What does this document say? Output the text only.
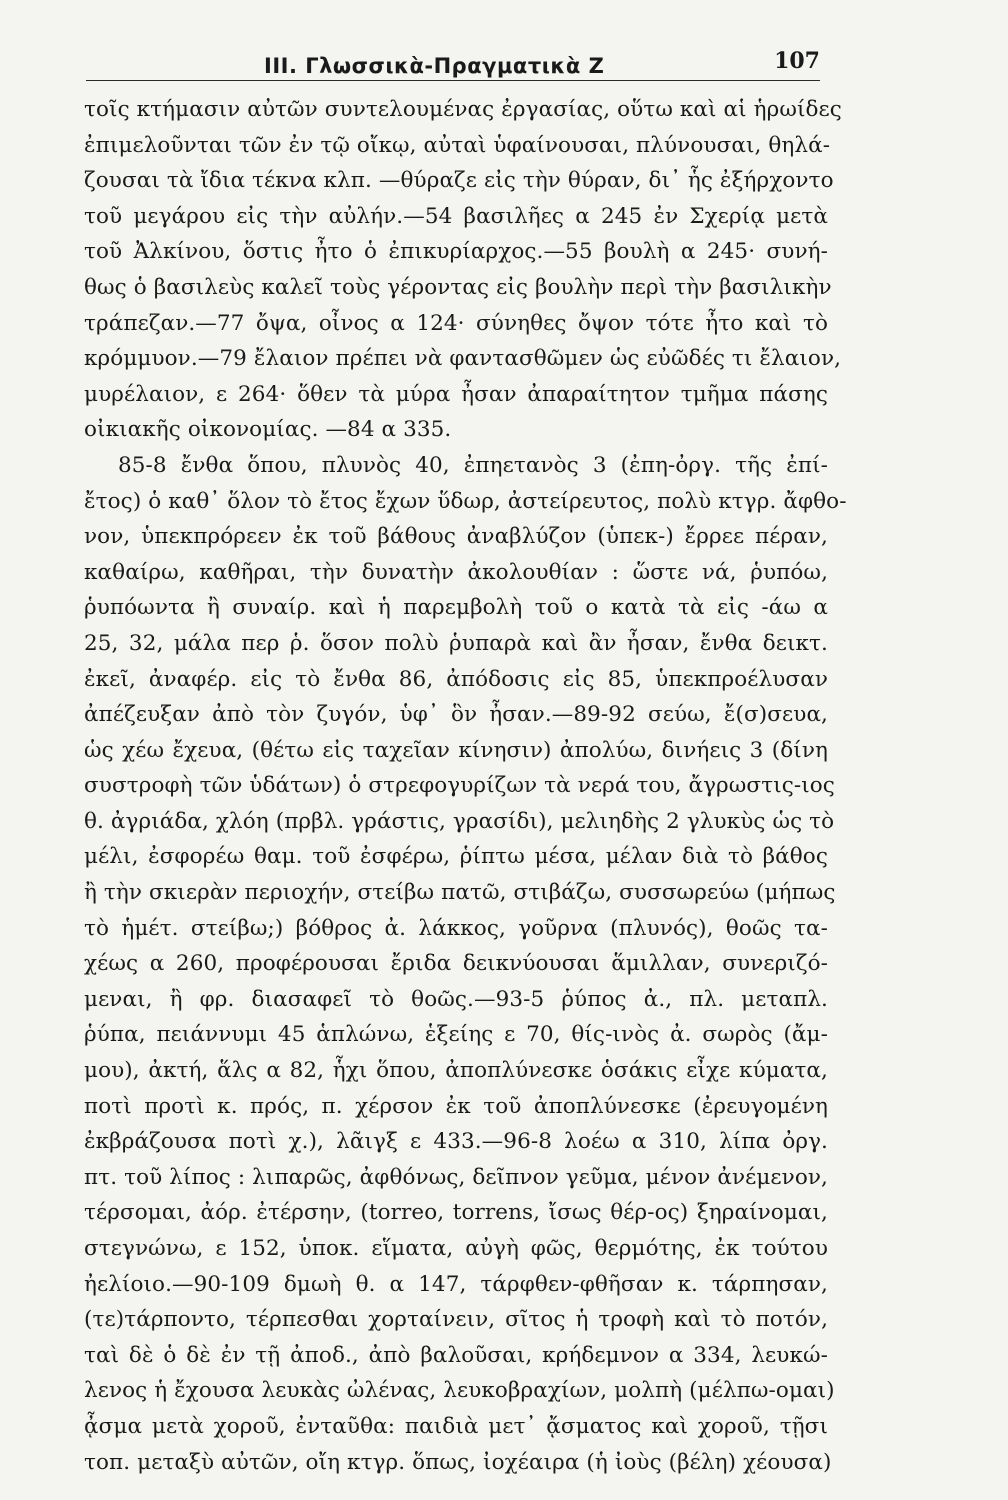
III. Γλωσσικὰ-Πραγματικὰ Ζ	107
τοῖς κτήμασιν αὐτῶν συντελουμένας ἐργασίας, οὕτω καὶ αἱ ἡρωίδες
ἐπιμελοῦνται τῶν ἐν τῷ οἴκῳ, αὐταὶ ὑφαίνουσαι, πλύνουσαι, θηλά-
ζουσαι τὰ ἴδια τέκνα κλπ. —θύραζε εἰς τὴν θύραν, δι᾽ ἧς ἐξήρχοντο
τοῦ μεγάρου εἰς τὴν αὐλήν.—54 βασιλῆες α 245 ἐν Σχερίᾳ μετὰ
τοῦ Ἀλκίνου, ὅστις ἦτο ὁ ἐπικυρίαρχος.—55 βουλὴ α 245· συνή-
θως ὁ βασιλεὺς καλεῖ τοὺς γέροντας εἰς βουλὴν περὶ τὴν βασιλικὴν
τράπεζαν.—77 ὄψα, οἶνος α 124· σύνηθες ὄψον τότε ἦτο καὶ τὸ
κρόμμυον.—79 ἔλαιον πρέπει νὰ φαντασθῶμεν ὡς εὐῶδές τι ἔλαιον,
μυρέλαιον, ε 264· ὅθεν τὰ μύρα ἦσαν ἀπαραίτητον τμῆμα πάσης
οἰκιακῆς οἰκονομίας. —84 α 335.
85-8 ἔνθα ὅπου, πλυνὸς 40, ἐπηετανὸς 3 (ἐπη-ὀργ. τῆς ἐπί-
ἔτος) ὁ καθ᾽ ὅλον τὸ ἔτος ἔχων ὕδωρ, ἀστείρευτος, πολὺ κτγρ. ἄφθο-
νον, ὑπεκπρόρεεν ἐκ τοῦ βάθους ἀναβλύζον (ὑπεκ-) ἔρρεε πέραν,
καθαίρω, καθῆραι, τὴν δυνατὴν ἀκολουθίαν : ὥστε νά, ῥυπόω,
ῥυπόωντα ἢ συναίρ. καὶ ἡ παρεμβολὴ τοῦ ο κατὰ τὰ εἰς -άω α
25, 32, μάλα περ ῥ. ὅσον πολὺ ῥυπαρὰ καὶ ἂν ἦσαν, ἔνθα δεικτ.
ἐκεῖ, ἀναφέρ. εἰς τὸ ἔνθα 86, ἀπόδοσις εἰς 85, ὑπεκπροέλυσαν
ἀπέζευξαν ἀπὸ τὸν ζυγόν, ὑφ᾽ ὃν ἦσαν.—89-92 σεύω, ἔ(σ)σευα,
ὡς χέω ἔχευα, (θέτω εἰς ταχεῖαν κίνησιν) ἀπολύω, δινήεις 3 (δίνη
συστροφὴ τῶν ὑδάτων) ὁ στρεφογυρίζων τὰ νερά του, ἄγρωστις-ιος
θ. ἀγριάδα, χλόη (πρβλ. γράστις, γρασίδι), μελιηδὴς 2 γλυκὺς ὡς τὸ
μέλι, ἐσφορέω θαμ. τοῦ ἐσφέρω, ῥίπτω μέσα, μέλαν διὰ τὸ βάθος
ἢ τὴν σκιερὰν περιοχήν, στείβω πατῶ, στιβάζω, συσσωρεύω (μήπως
τὸ ἡμέτ. στείβω;) βόθρος ἀ. λάκκος, γοῦρνα (πλυνός), θοῶς τα-
χέως α 260, προφέρουσαι ἔριδα δεικνύουσαι ἅμιλλαν, συνεριζό-
μεναι, ἢ φρ. διασαφεῖ τὸ θοῶς.—93-5 ῥύπος ἀ., πλ. μεταπλ.
ῥύπα, πειάννυμι 45 ἁπλώνω, ἑξείης ε 70, θίς-ινὸς ἀ. σωρὸς (ἄμ-
μου), ἀκτή, ἅλς α 82, ἧχι ὅπου, ἀποπλύνεσκε ὁσάκις εἶχε κύματα,
ποτὶ προτὶ κ. πρός, π. χέρσον ἐκ τοῦ ἀποπλύνεσκε (ἐρευγομένη
ἐκβράζουσα ποτὶ χ.), λᾶιγξ ε 433.—96-8 λοέω α 310, λίπα ὀργ.
πτ. τοῦ λίπος : λιπαρῶς, ἀφθόνως, δεῖπνον γεῦμα, μένον ἀνέμενον,
τέρσομαι, ἀόρ. ἐτέρσην, (torreo, torrens, ἴσως θέρ-ος) ξηραίνομαι,
στεγνώνω, ε 152, ὑποκ. εἵματα, αὐγὴ φῶς, θερμότης, ἐκ τούτου
ἠελίοιο.—90-109 δμωὴ θ. α 147, τάρφθεν-φθῆσαν κ. τάρπησαν,
(τε)τάρποντο, τέρπεσθαι χορταίνειν, σῖτος ἡ τροφὴ καὶ τὸ ποτόν,
ταὶ δὲ ὁ δὲ ἐν τῇ ἀποδ., ἀπὸ βαλοῦσαι, κρήδεμνον α 334, λευκώ-
λενος ἡ ἔχουσα λευκὰς ὠλένας, λευκοβραχίων, μολπὴ (μέλπω-ομαι)
ᾆσμα μετὰ χοροῦ, ἐνταῦθα: παιδιὰ μετ᾽ ᾄσματος καὶ χοροῦ, τῇσι
τοπ. μεταξὺ αὐτῶν, οἴη κτγρ. ὅπως, ἰοχέαιρα (ἡ ἰοὺς (βέλη) χέουσα)
